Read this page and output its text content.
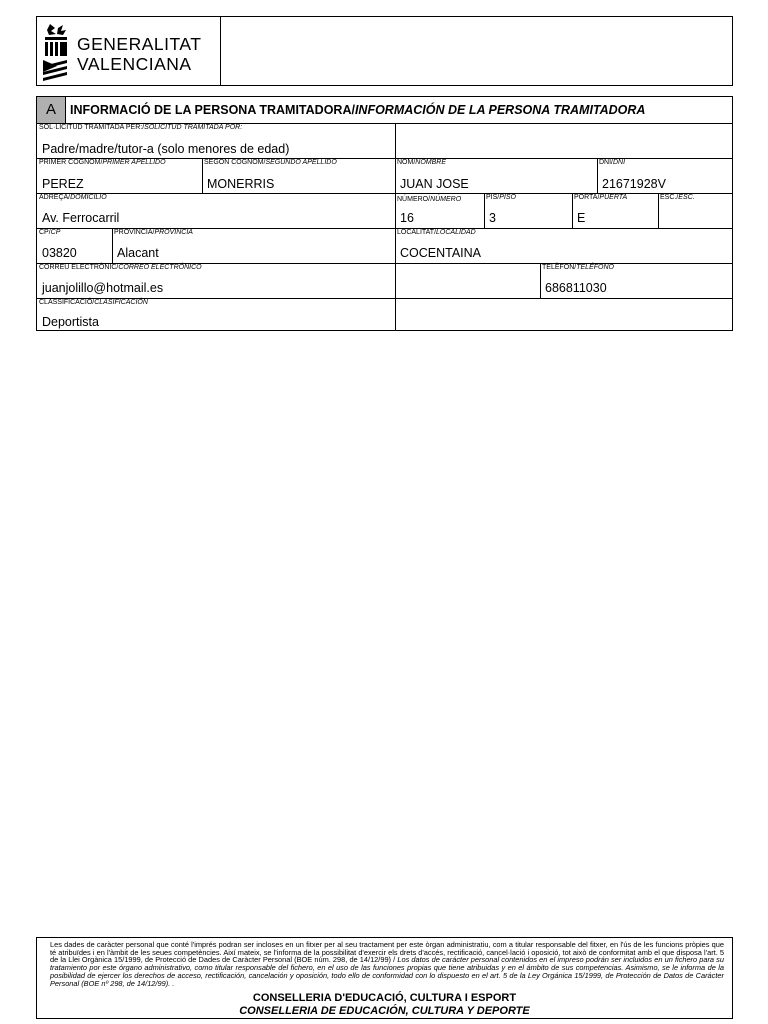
GENERALITAT
VALENCIANA
A	INFORMACIÓ DE LA PERSONA TRAMITADORA/INFORMACIÓN DE LA PERSONA TRAMITADORA
SOL·LICITUD TRAMITADA PER:/SOLICITUD TRAMITADA POR:
Padre/madre/tutor-a (solo menores de edad)
PRIMER COGNOM/PRIMER APELLIDO
PEREZ
SEGON COGNOM/SEGUNDO APELLIDO
MONERRIS
NOM/NOMBRE
JUAN JOSE
DNI/DNI
21671928V
ADREÇA/DOMICILIO
Av. Ferrocarril
NÚMERO/NÚMERO
16
PIS/PISO
3
PORTA/PUERTA
E
ESC./ESC.
CP/CP
03820
PROVINCIA/PROVINCIA
Alacant
LOCALITAT/LOCALIDAD
COCENTAINA
CORREU ELECTRÒNIC/CORREO ELECTRÓNICO
juanjolillo@hotmail.es
TELÈFON/TELÉFONO
686811030
CLASSIFICACIÓ/CLASIFICACIÓN
Deportista
Les dades de caràcter personal que conté l'imprés podran ser incloses en un fitxer per al seu tractament per este òrgan administratiu, com a titular responsable del fitxer, en l'ús de les funcions pròpies que té atribuïdes i en l'àmbit de les seues competències. Així mateix, se l'informa de la possibilitat d'exercir els drets d'accés, rectificació, cancel·lació i oposició, tot això de conformitat amb el que disposa l'art. 5 de la Llei Orgànica 15/1999, de Protecció de Dades de Caràcter Personal (BOE núm. 298, de 14/12/99) / Los datos de carácter personal contenidos en el impreso podrán ser incluidos en un fichero para su tratamiento por este órgano administrativo, como titular responsable del fichero, en el uso de las funciones propias que tiene atribuidas y en el ámbito de sus competencias. Asimismo, se le informa de la posibilidad de ejercer los derechos de acceso, rectificación, cancelación y oposición, todo ello de conformidad con lo dispuesto en el art. 5 de la Ley Orgánica 15/1999, de Protección de Datos de Carácter Personal (BOE nº 298, de 14/12/99). .
CONSELLERIA D'EDUCACIÓ, CULTURA I ESPORT
CONSELLERIA DE EDUCACIÓN, CULTURA Y DEPORTE
